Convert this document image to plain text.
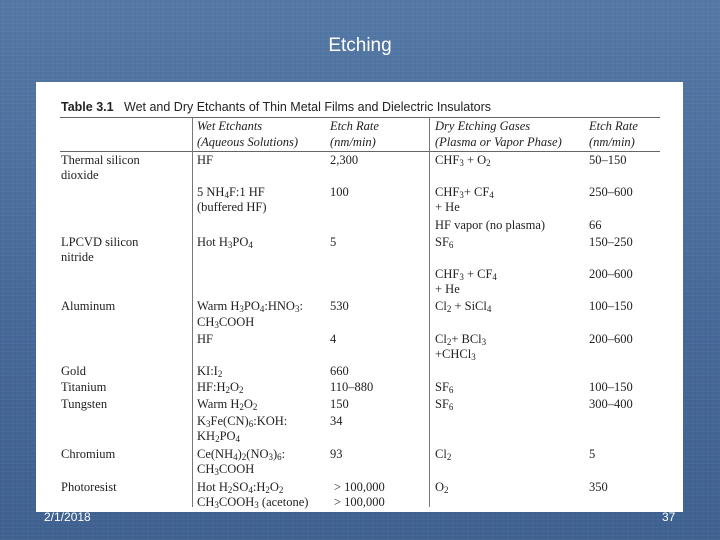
Etching
Table 3.1 Wet and Dry Etchants of Thin Metal Films and Dielectric Insulators
Wet Etchants
(Aqueous Solutions)
Etch Rate
(nm/min)
Dry Etching Gases
(Plasma or Vapor Phase)
Etch Rate
(nm/min)
Thermal silicon
dioxide
LPCVD silicon
nitride
Aluminum
Gold
Titanium
Tungsten
Chromium
Photoresist
HF
5 $NH_4F:1$ HF
(buffered HF)
Hot $H_3PO_4$
Warm $H_3PO_4:HNO_3$:
$CH_3COOH$
HF
$KI:I_2$
$HF:H_2O_2$
Warm $H_2O_2$
$K_3Fe(CN)_6:KOH$:
$KH_2PO_4$
$Ce(NH_4)_2(NO_3)_6$:
$CH_3COOH$
Hot $H_2SO_4:H_2O_2$
$CH_3COOH_3$ (acetone)
2,300
100
5
530
4
660
110–880
150
34
93
> 100,000
> 100,000
$CHF_3 + O_2$
$CHF_3+ CF_4$
+ He
HF vapor (no plasma)
$SF_6$
$CHF_3 + CF_4$
+ He
$Cl_2$ + SiCl$_4$
$Cl_2+ BCl_3$
+CHCl$_3$
$SF_6$
$SF_6$
$Cl_2$
$O_2$
50–150
250–600
66
150–250
200–600
100–150
200–600
100–150
300–400
5
350
2/1/2018	37
